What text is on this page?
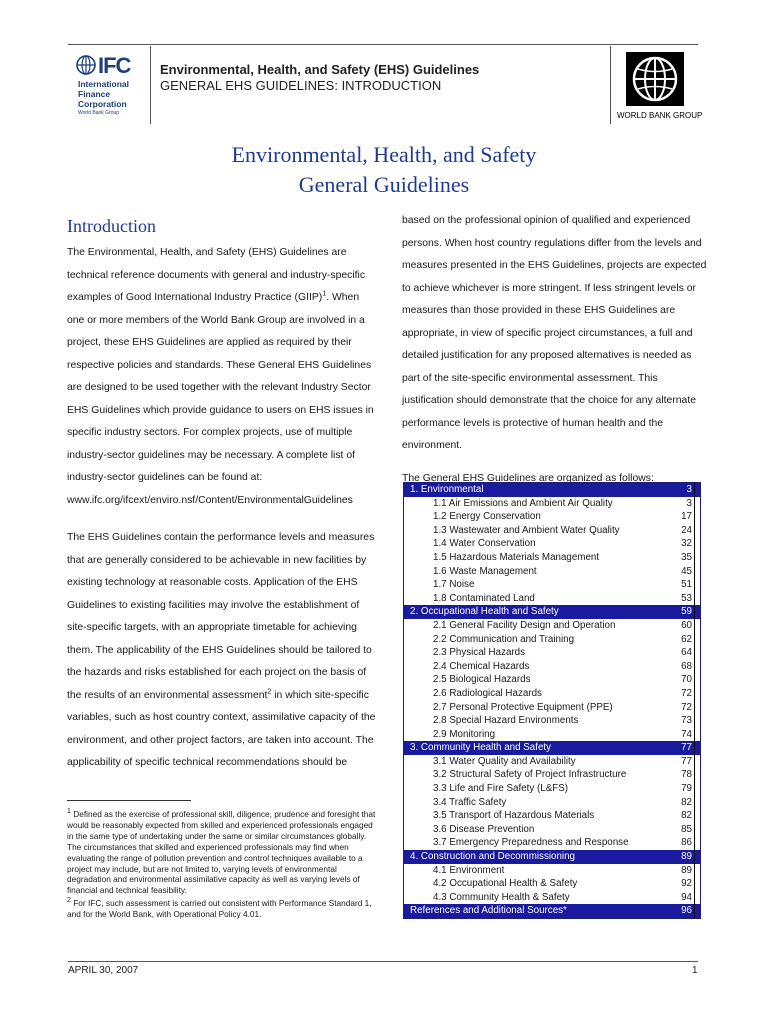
IFC
International
Finance
Corporation
World Bank Group
Environmental, Health, and Safety (EHS) Guidelines
GENERAL EHS GUIDELINES: INTRODUCTION
WORLD BANK GROUP
Environmental, Health, and Safety
General Guidelines
Introduction

The Environmental, Health, and Safety (EHS) Guidelines are technical reference documents with general and industry-specific examples of Good International Industry Practice (GIIP)$^1$. When one or more members of the World Bank Group are involved in a project, these EHS Guidelines are applied as required by their respective policies and standards. These General EHS Guidelines are designed to be used together with the relevant Industry Sector EHS Guidelines which provide guidance to users on EHS issues in specific industry sectors. For complex projects, use of multiple industry-sector guidelines may be necessary. A complete list of industry-sector guidelines can be found at: www.ifc.org/ifcext/enviro.nsf/Content/EnvironmentalGuidelines

The EHS Guidelines contain the performance levels and measures that are generally considered to be achievable in new facilities by existing technology at reasonable costs. Application of the EHS Guidelines to existing facilities may involve the establishment of site-specific targets, with an appropriate timetable for achieving them. The applicability of the EHS Guidelines should be tailored to the hazards and risks established for each project on the basis of the results of an environmental assessment$^2$ in which site-specific variables, such as host country context, assimilative capacity of the environment, and other project factors, are taken into account. The applicability of specific technical recommendations should be

based on the professional opinion of qualified and experienced persons. When host country regulations differ from the levels and measures presented in the EHS Guidelines, projects are expected to achieve whichever is more stringent. If less stringent levels or measures than those provided in these EHS Guidelines are appropriate, in view of specific project circumstances, a full and detailed justification for any proposed alternatives is needed as part of the site-specific environmental assessment. This justification should demonstrate that the choice for any alternate performance levels is protective of human health and the environment.

The General EHS Guidelines are organized as follows:

1. Environmental	3
1.1 Air Emissions and Ambient Air Quality	3
1.2 Energy Conservation	17
1.3 Wastewater and Ambient Water Quality	24
1.4 Water Conservation	32
1.5 Hazardous Materials Management	35
1.6 Waste Management	45
1.7 Noise	51
1.8 Contaminated Land	53
2. Occupational Health and Safety	59
2.1 General Facility Design and Operation	60
2.2 Communication and Training	62
2.3 Physical Hazards	64
2.4 Chemical Hazards	68
2.5 Biological Hazards	70
2.6 Radiological Hazards	72
2.7 Personal Protective Equipment (PPE)	72
2.8 Special Hazard Environments	73
2.9 Monitoring	74
3. Community Health and Safety	77
3.1 Water Quality and Availability	77
3.2 Structural Safety of Project Infrastructure	78
3.3 Life and Fire Safety (L&FS)	79
3.4 Traffic Safety	82
3.5 Transport of Hazardous Materials	82
3.6 Disease Prevention	85
3.7 Emergency Preparedness and Response	86
4. Construction and Decommissioning	89
4.1 Environment	89
4.2 Occupational Health & Safety	92
4.3 Community Health & Safety	94
References and Additional Sources*	96

$^1$ Defined as the exercise of professional skill, diligence, prudence and foresight that would be reasonably expected from skilled and experienced professionals engaged in the same type of undertaking under the same or similar circumstances globally. The circumstances that skilled and experienced professionals may find when evaluating the range of pollution prevention and control techniques available to a project may include, but are not limited to, varying levels of environmental degradation and environmental assimilative capacity as well as varying levels of financial and technical feasibility.

$^2$ For IFC, such assessment is carried out consistent with Performance Standard 1, and for the World Bank, with Operational Policy 4.01.

APRIL 30, 2007	1
